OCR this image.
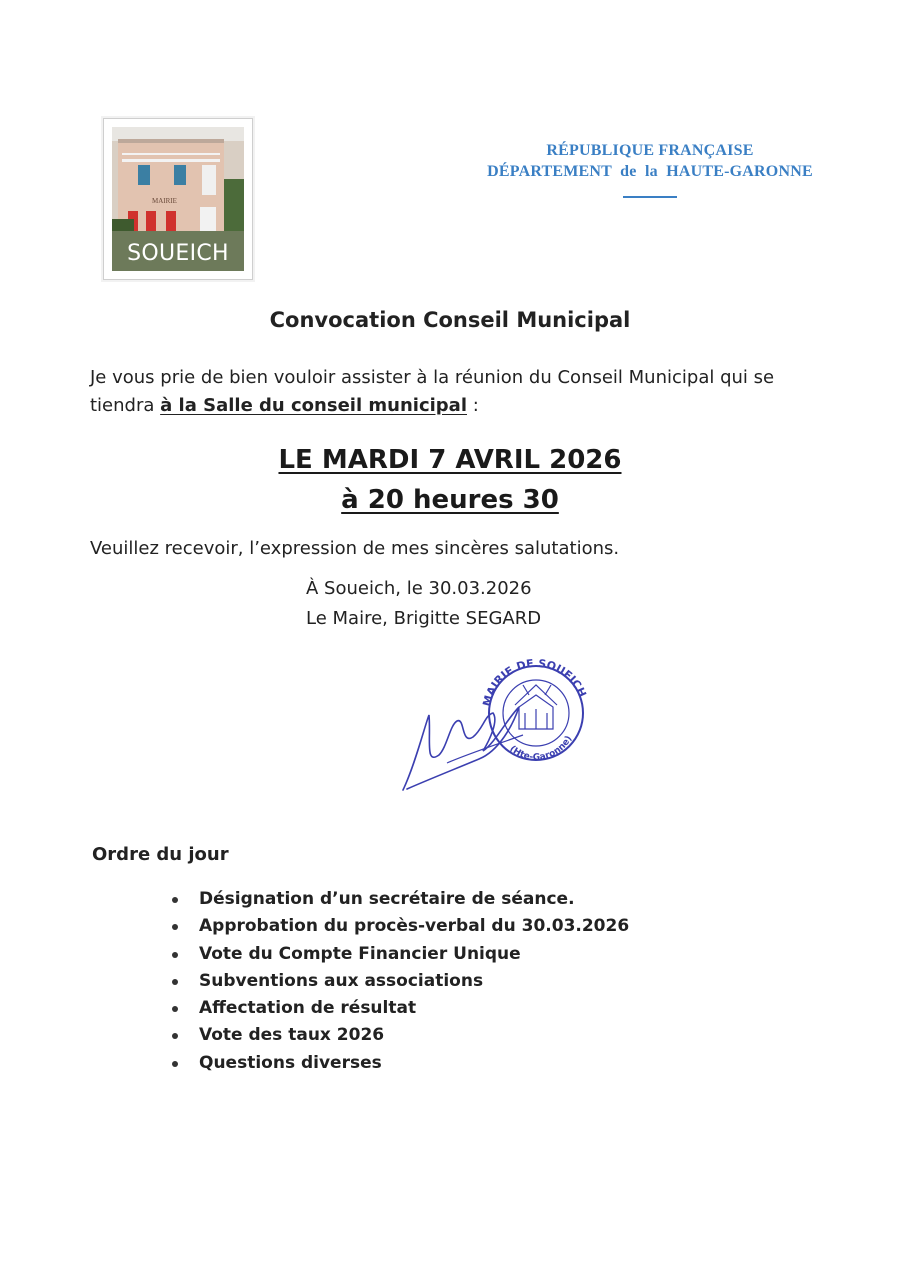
MAIRIE
SOUEICH
RÉPUBLIQUE FRANÇAISE
DÉPARTEMENT  de  la  HAUTE-GARONNE
Convocation Conseil Municipal
Je vous prie de bien vouloir assister à la réunion du Conseil Municipal qui se tiendra à la Salle du conseil municipal :
LE MARDI 7 AVRIL 2026
à 20 heures 30
Veuillez recevoir, l’expression de mes sincères salutations.
À Soueich, le 30.03.2026
Le Maire, Brigitte SEGARD
MAIRIE DE SOUEICH
(Hte-Garonne)
Ordre du jour
Désignation d’un secrétaire de séance.
Approbation du procès-verbal du 30.03.2026
Vote du Compte Financier Unique
Subventions aux associations
Affectation de résultat
Vote des taux 2026
Questions diverses
